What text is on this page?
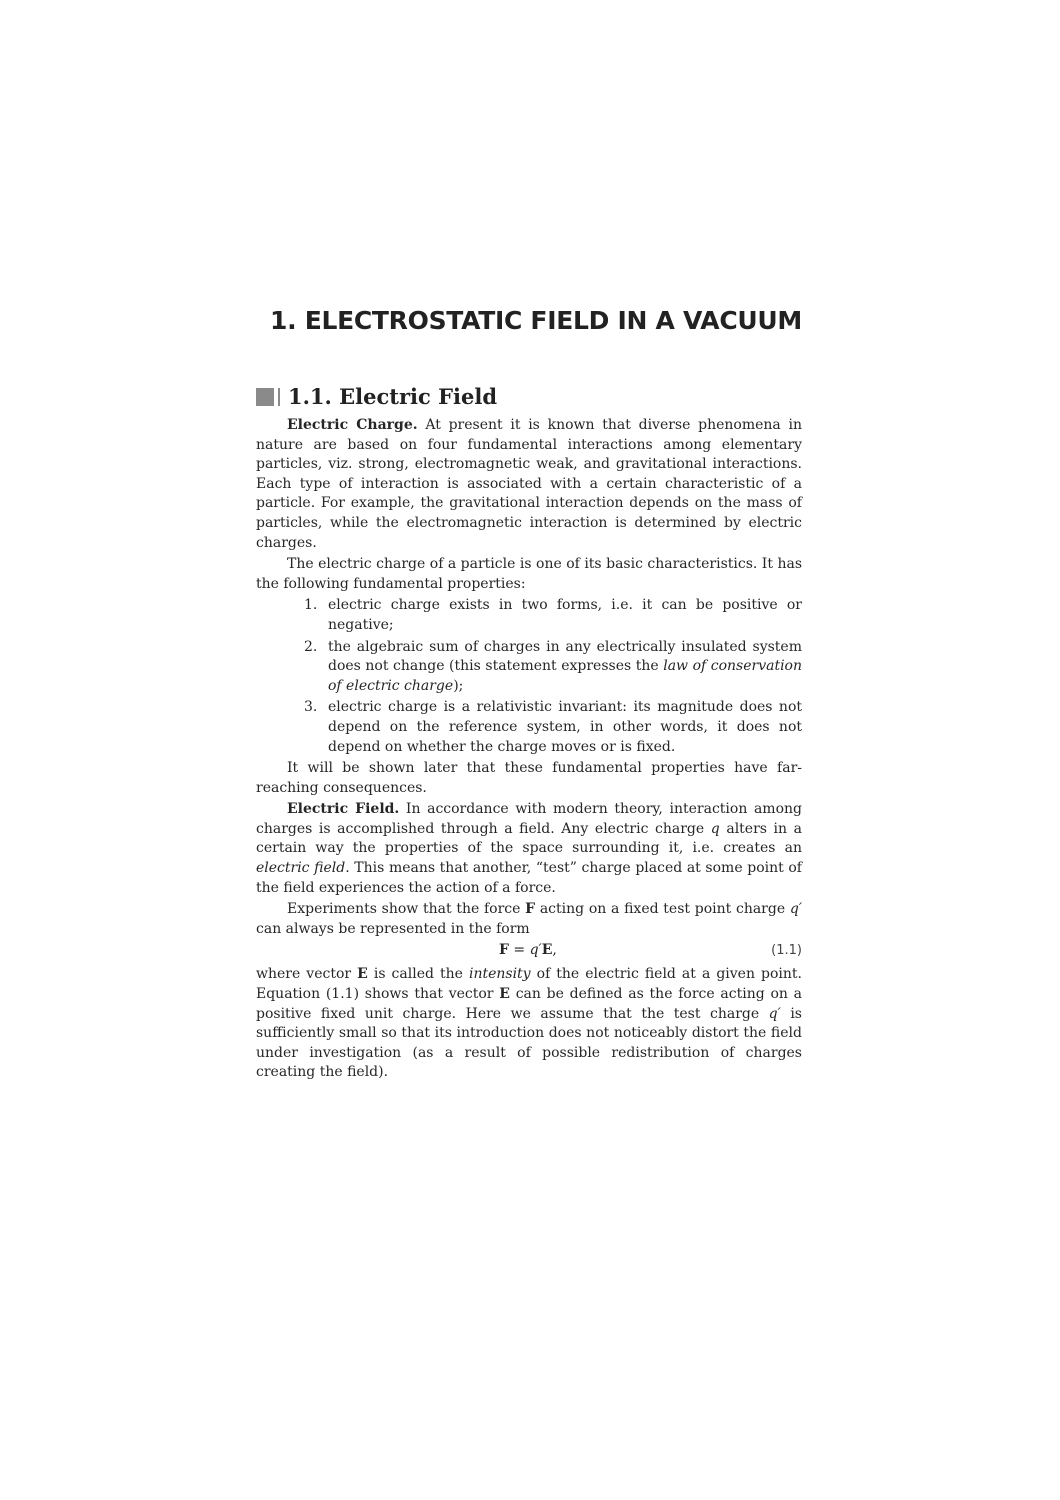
1. ELECTROSTATIC FIELD IN A VACUUM
1.1. Electric Field

Electric Charge. At present it is known that diverse phenomena in nature are based on four fundamental interactions among elementary particles, viz. strong, electromagnetic weak, and gravitational interactions. Each type of interaction is associated with a certain characteristic of a particle. For example, the gravitational interaction depends on the mass of particles, while the electromagnetic interaction is determined by electric charges.

The electric charge of a particle is one of its basic characteristics. It has the following fundamental properties:

1. electric charge exists in two forms, i.e. it can be positive or negative;
2. the algebraic sum of charges in any electrically insulated system does not change (this statement expresses the law of conservation of electric charge);
3. electric charge is a relativistic invariant: its magnitude does not depend on the reference system, in other words, it does not depend on whether the charge moves or is fixed.

It will be shown later that these fundamental properties have far-reaching consequences.

Electric Field. In accordance with modern theory, interaction among charges is accomplished through a field. Any electric charge q alters in a certain way the properties of the space surrounding it, i.e. creates an electric field. This means that another, “test” charge placed at some point of the field experiences the action of a force.

Experiments show that the force F acting on a fixed test point charge q′ can always be represented in the form

F = q′E,	(1.1)

where vector E is called the intensity of the electric field at a given point. Equation (1.1) shows that vector E can be defined as the force acting on a positive fixed unit charge. Here we assume that the test charge q′ is sufficiently small so that its introduction does not noticeably distort the field under investigation (as a result of possible redistribution of charges creating the field).
